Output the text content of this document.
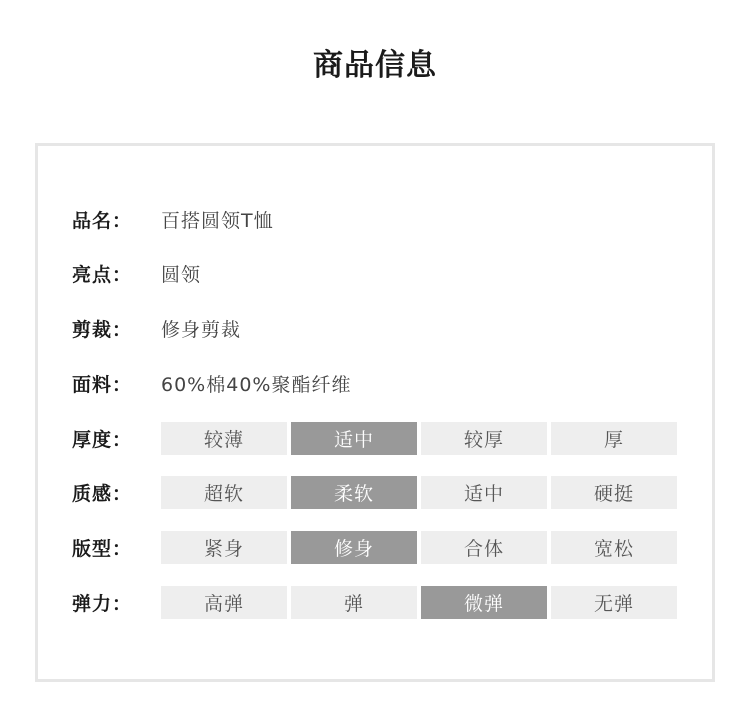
商品信息
品名：	百搭圆领T恤
亮点：	圆领
剪裁：	修身剪裁
面料：	60%棉40%聚酯纤维
厚度：	较薄	适中	较厚	厚
质感：	超软	柔软	适中	硬挺
版型：	紧身	修身	合体	宽松
弹力：	高弹	弹	微弹	无弹
